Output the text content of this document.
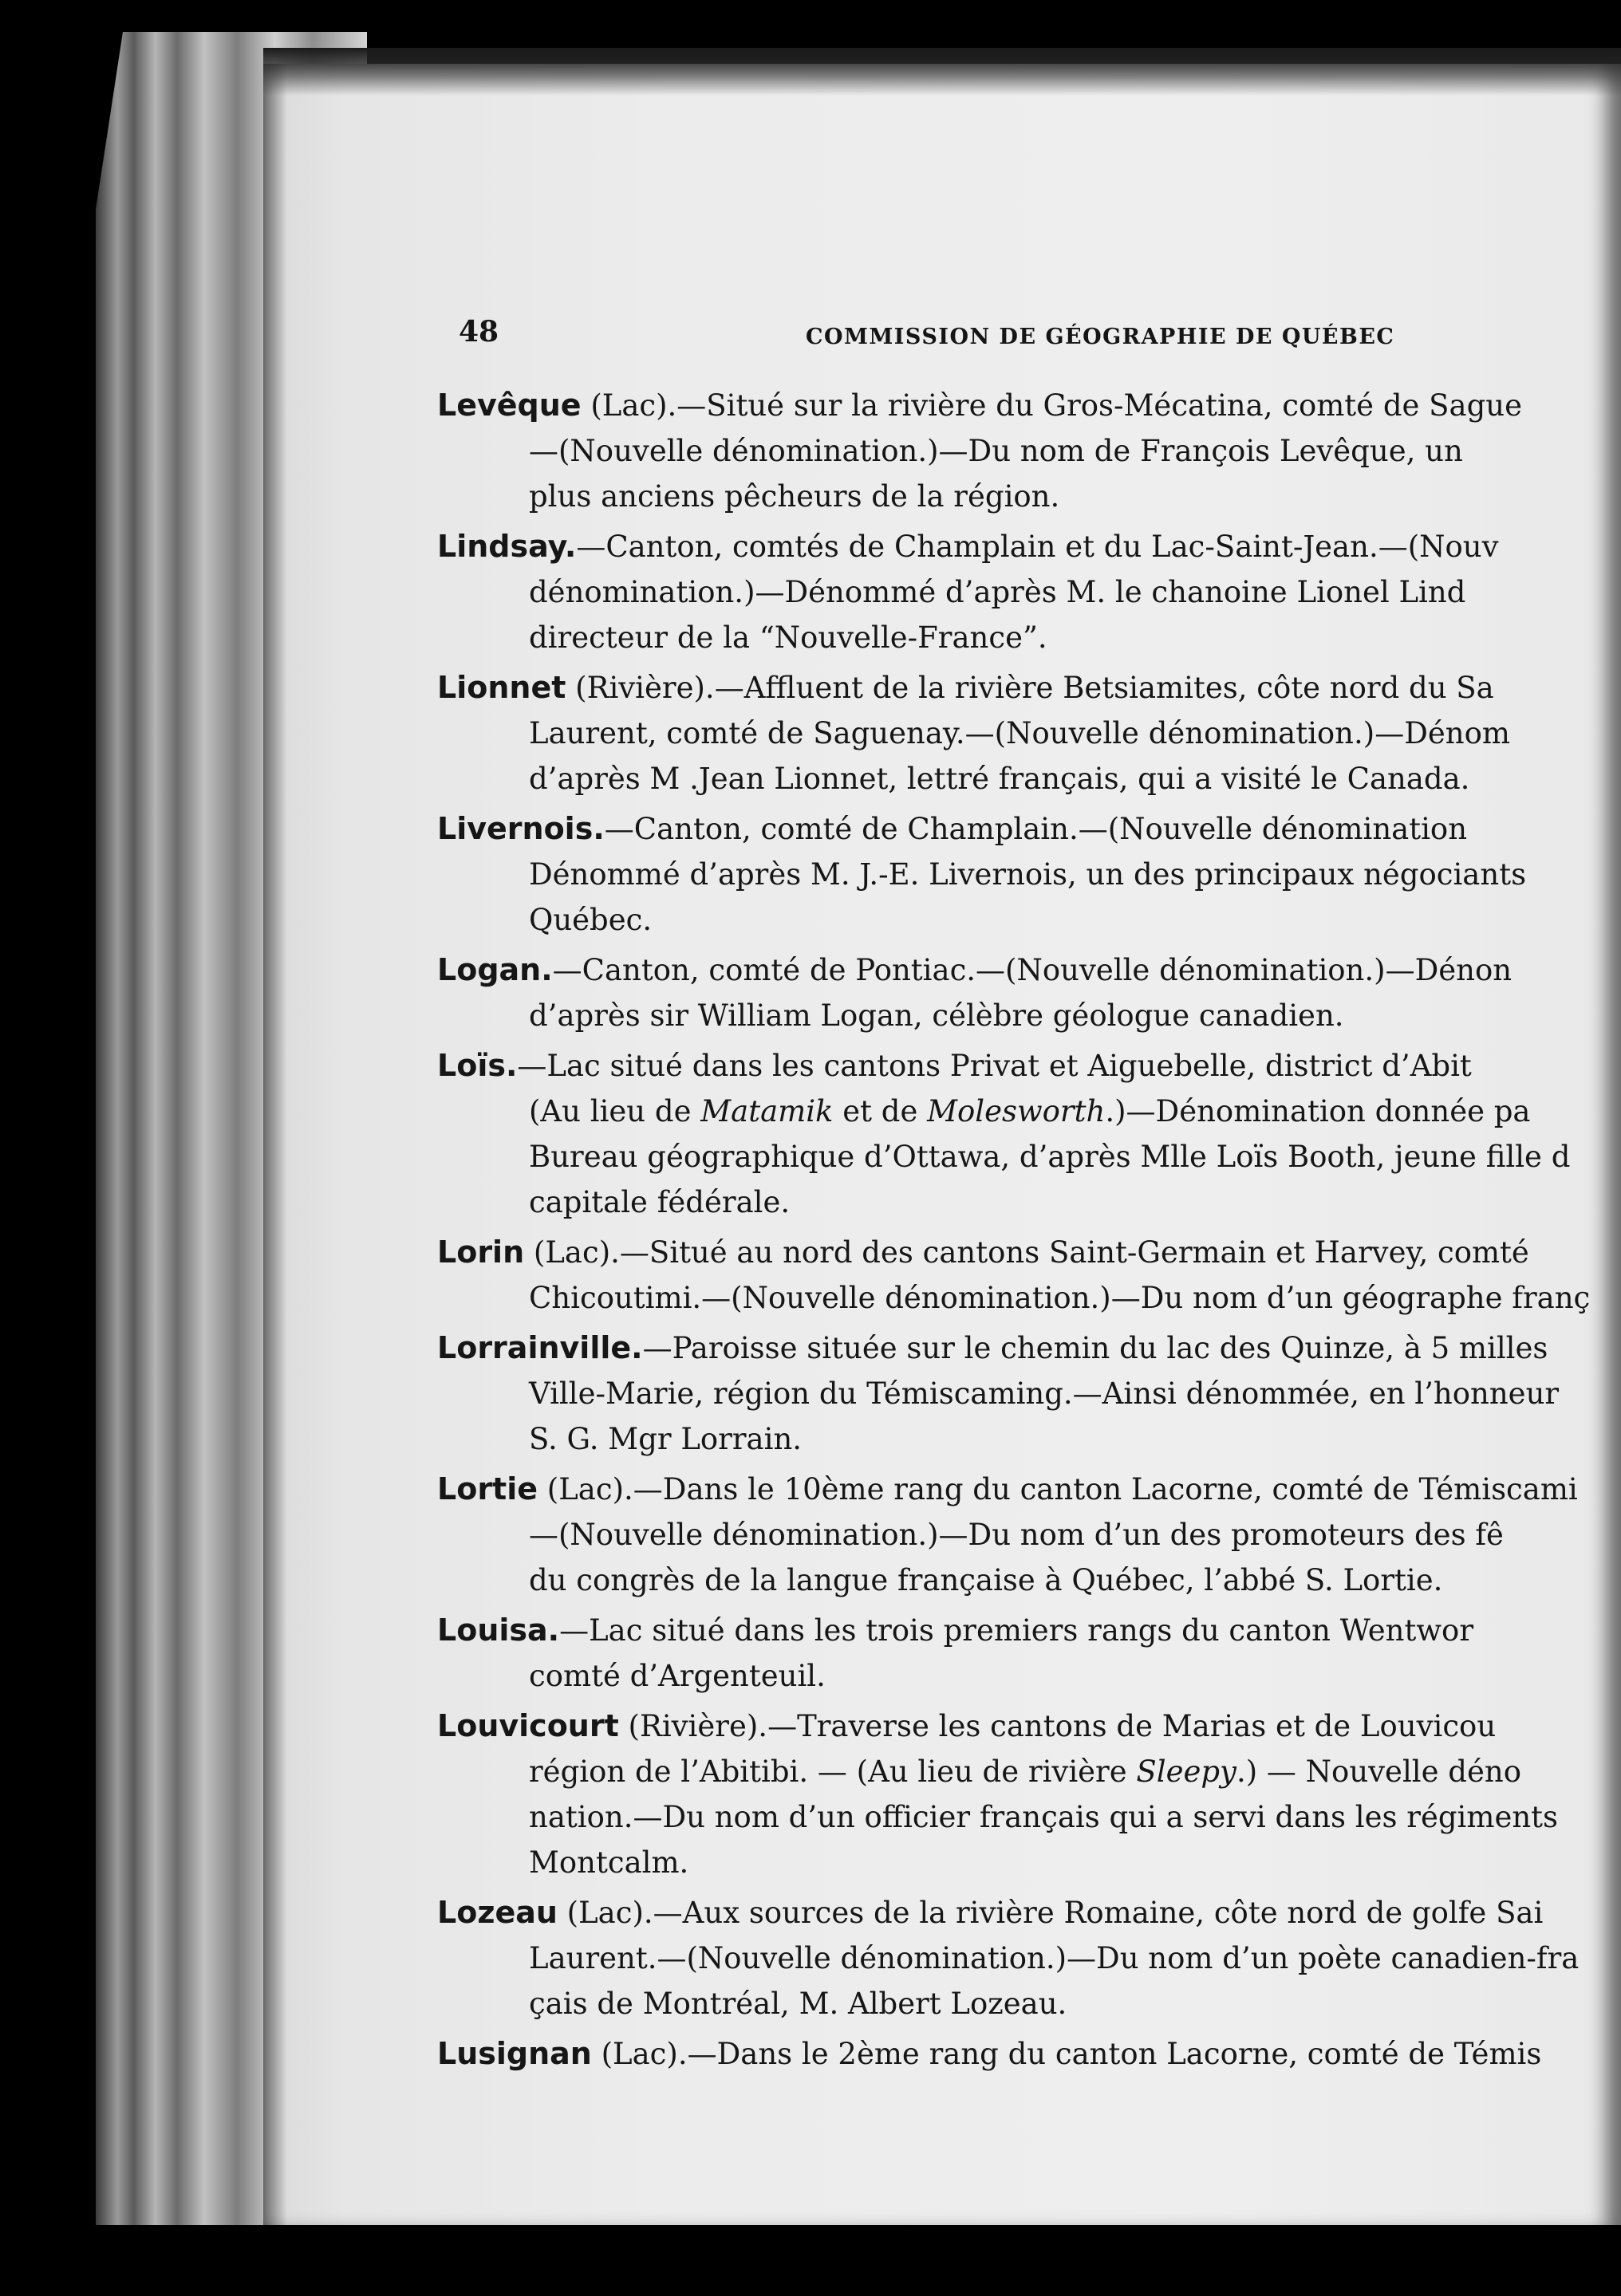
48	COMMISSION DE GÉOGRAPHIE DE QUÉBEC
Levêque (Lac).—Situé sur la rivière du Gros-Mécatina, comté de Sague
—(Nouvelle dénomination.)—Du nom de François Levêque, un
plus anciens pêcheurs de la région.
Lindsay.—Canton, comtés de Champlain et du Lac-Saint-Jean.—(Nouv
dénomination.)—Dénommé d’après M. le chanoine Lionel Lind
directeur de la “Nouvelle-France”.
Lionnet (Rivière).—Affluent de la rivière Betsiamites, côte nord du Sa
Laurent, comté de Saguenay.—(Nouvelle dénomination.)—Dénom
d’après M .Jean Lionnet, lettré français, qui a visité le Canada.
Livernois.—Canton, comté de Champlain.—(Nouvelle dénomination
Dénommé d’après M. J.-E. Livernois, un des principaux négociants
Québec.
Logan.—Canton, comté de Pontiac.—(Nouvelle dénomination.)—Dénon
d’après sir William Logan, célèbre géologue canadien.
Loïs.—Lac situé dans les cantons Privat et Aiguebelle, district d’Abit
(Au lieu de Matamik et de Molesworth.)—Dénomination donnée pa
Bureau géographique d’Ottawa, d’après Mlle Loïs Booth, jeune fille d
capitale fédérale.
Lorin (Lac).—Situé au nord des cantons Saint-Germain et Harvey, comté
Chicoutimi.—(Nouvelle dénomination.)—Du nom d’un géographe franç
Lorrainville.—Paroisse située sur le chemin du lac des Quinze, à 5 milles
Ville-Marie, région du Témiscaming.—Ainsi dénommée, en l’honneur
S. G. Mgr Lorrain.
Lortie (Lac).—Dans le 10ème rang du canton Lacorne, comté de Témiscami
—(Nouvelle dénomination.)—Du nom d’un des promoteurs des fê
du congrès de la langue française à Québec, l’abbé S. Lortie.
Louisa.—Lac situé dans les trois premiers rangs du canton Wentwor
comté d’Argenteuil.
Louvicourt (Rivière).—Traverse les cantons de Marias et de Louvicou
région de l’Abitibi. — (Au lieu de rivière Sleepy.) — Nouvelle déno
nation.—Du nom d’un officier français qui a servi dans les régiments
Montcalm.
Lozeau (Lac).—Aux sources de la rivière Romaine, côte nord de golfe Sai
Laurent.—(Nouvelle dénomination.)—Du nom d’un poète canadien-fra
çais de Montréal, M. Albert Lozeau.
Lusignan (Lac).—Dans le 2ème rang du canton Lacorne, comté de Témis
